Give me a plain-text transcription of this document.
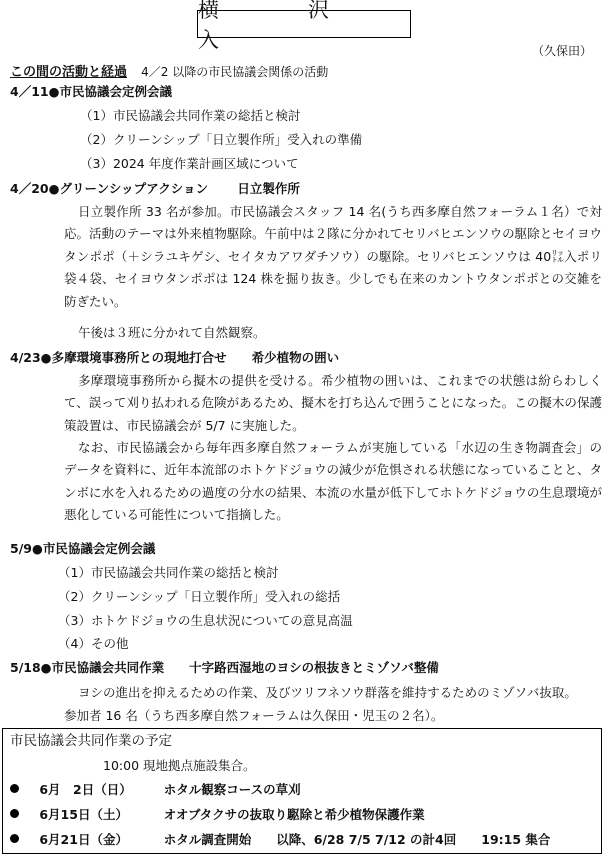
横　沢　入	（久保田）
この間の活動と経過 4／2 以降の市民協議会関係の活動
4／11●市民協議会定例会議
（1）市民協議会共同作業の総括と検討
（2）クリーンシップ「日立製作所」受入れの準備
（3）2024 年度作業計画区域について
4／20●グリーンシップアクション　　 日立製作所
日立製作所 33 名が参加。市民協議会スタッフ 14 名(うち西多摩自然フォーラム１名）で対応。活動のテーマは外来植物駆除。午前中は２隊に分かれてセリバヒエンソウの駆除とセイヨウタンポポ（＋シラユキゲシ、セイタカアワダチソウ）の駆除。セリバヒエンソウは 40㍑入ポリ袋４袋、セイヨウタンポポは 124 株を掘り抜き。少しでも在来のカントウタンポポとの交雑を防ぎたい。
午後は３班に分かれて自然観察。
4/23●多摩環境事務所との現地打合せ　　希少植物の囲い
多摩環境事務所から擬木の提供を受ける。希少植物の囲いは、これまでの状態は紛らわしくて、誤って刈り払われる危険があるため、擬木を打ち込んで囲うことになった。この擬木の保護策設置は、市民協議会が 5/7 に実施した。
なお、市民協議会から毎年西多摩自然フォーラムが実施している「水辺の生き物調査会」のデータを資料に、近年本流部のホトケドジョウの減少が危惧される状態になっていることと、タンボに水を入れるための過度の分水の結果、本流の水量が低下してホトケドジョウの生息環境が悪化している可能性について指摘した。
5/9●市民協議会定例会議
（1）市民協議会共同作業の総括と検討
（2）クリーンシップ「日立製作所」受入れの総括
（3）ホトケドジョウの生息状況についての意見高温
（4）その他
5/18●市民協議会共同作業　　十字路西湿地のヨシの根抜きとミゾソバ整備
ヨシの進出を抑えるための作業、及びツリフネソウ群落を維持するためのミゾソバ抜取。
参加者 16 名（うち西多摩自然フォーラムは久保田・児玉の２名）。
市民協議会共同作業の予定
10:00 現地拠点施設集合。
6月　2日（日）	ホタル観察コースの草刈
6月15日（土）	オオブタクサの抜取り駆除と希少植物保護作業
6月21日（金）	ホタル調査開始　　以降、6/28 7/5 7/12 の計4回　　19:15 集合
